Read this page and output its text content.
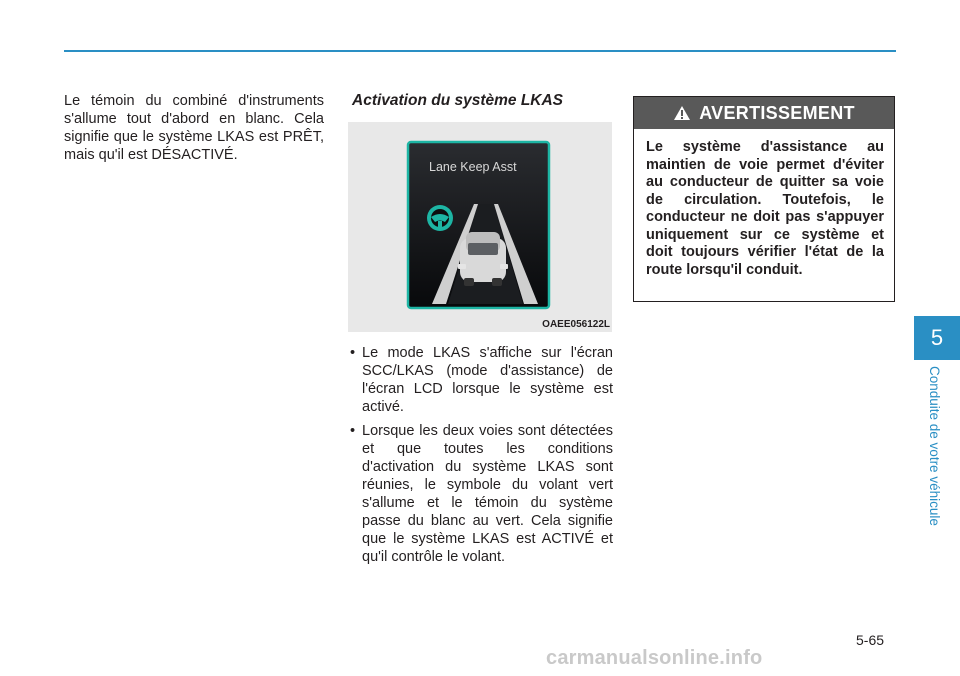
Le témoin du combiné d'instruments s'allume tout d'abord en blanc. Cela signifie que le système LKAS est PRÊT, mais qu'il est DÉSACTIVÉ.

Activation du système LKAS
Lane Keep Asst
OAEE056122L
• Le mode LKAS s'affiche sur l'écran SCC/LKAS (mode d'assistance) de l'écran LCD lorsque le système est activé.
• Lorsque les deux voies sont détectées et que toutes les conditions d'activation du système LKAS sont réunies, le symbole du volant vert s'allume et le témoin du système passe du blanc au vert. Cela signifie que le système LKAS est ACTIVÉ et qu'il contrôle le volant.
AVERTISSEMENT
Le système d'assistance au maintien de voie permet d'éviter au conducteur de quitter sa voie de circulation. Toutefois, le conducteur ne doit pas s'appuyer uniquement sur ce système et doit toujours vérifier l'état de la route lorsqu'il conduit.
5
Conduite de votre véhicule
5-65
carmanualsonline.info
